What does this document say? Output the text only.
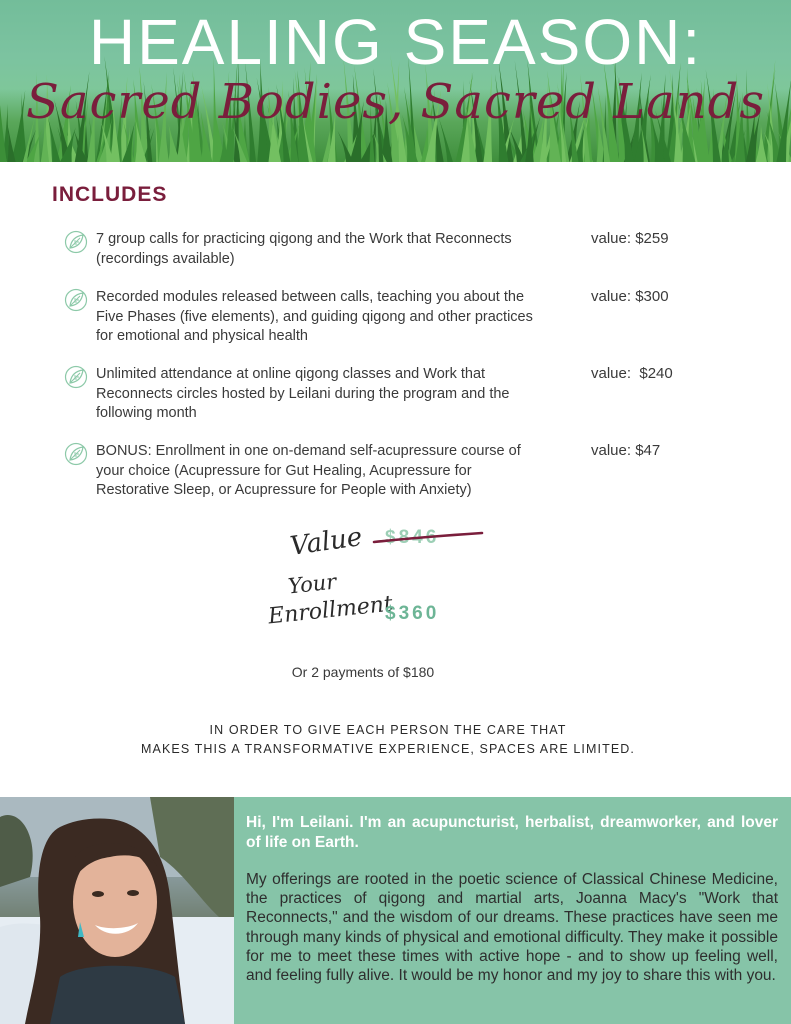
HEALING SEASON:
Sacred Bodies, Sacred Lands
INCLUDES
7 group calls for practicing qigong and the Work that Reconnects (recordings available)
value: $259
Recorded modules released between calls, teaching you about the Five Phases (five elements), and guiding qigong and other practices for emotional and physical health
value: $300
Unlimited attendance at online qigong classes and Work that Reconnects circles hosted by Leilani during the program and the following month
value:  $240
BONUS: Enrollment in one on-demand self-acupressure course of your choice (Acupressure for Gut Healing, Acupressure for Restorative Sleep, or Acupressure for People with Anxiety)
value: $47
Value $846
Your
Enrollment
$360
Or 2 payments of $180
IN ORDER TO GIVE EACH PERSON THE CARE THAT
MAKES THIS A TRANSFORMATIVE EXPERIENCE, SPACES ARE LIMITED.
Hi, I'm Leilani. I'm an acupuncturist, herbalist, dreamworker, and lover of life on Earth.
My offerings are rooted in the poetic science of Classical Chinese Medicine, the practices of qigong and martial arts, Joanna Macy's "Work that Reconnects," and the wisdom of our dreams. These practices have seen me through many kinds of physical and emotional difficulty. They make it possible for me to meet these times with active hope - and to show up feeling well, and feeling fully alive. It would be my honor and my joy to share this with you.
